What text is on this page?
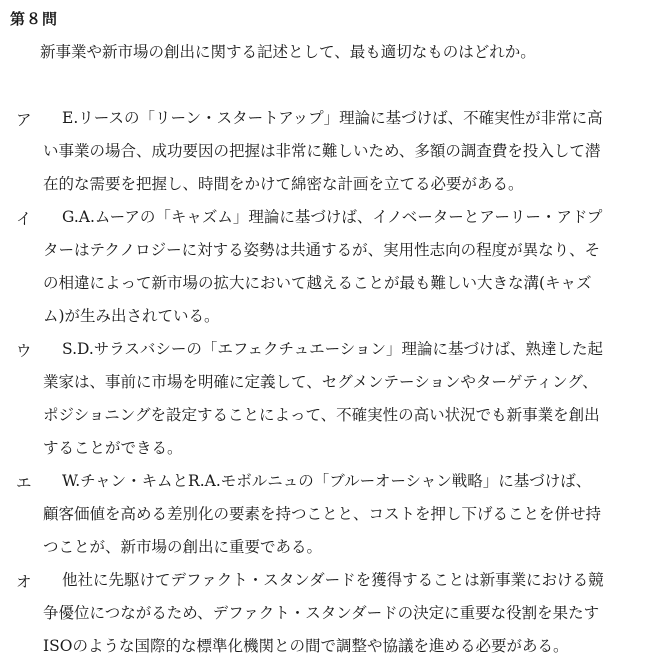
第８問
新事業や新市場の創出に関する記述として、最も適切なものはどれか。
ア E.リースの「リーン・スタートアップ」理論に基づけば、不確実性が非常に高
い事業の場合、成功要因の把握は非常に難しいため、多額の調査費を投入して潜
在的な需要を把握し、時間をかけて綿密な計画を立てる必要がある。
イ G.A.ムーアの「キャズム」理論に基づけば、イノベーターとアーリー・アドプ
ターはテクノロジーに対する姿勢は共通するが、実用性志向の程度が異なり、そ
の相違によって新市場の拡大において越えることが最も難しい大きな溝(キャズ
ム)が生み出されている。
ウ S.D.サラスバシーの「エフェクチュエーション」理論に基づけば、熟達した起
業家は、事前に市場を明確に定義して、セグメンテーションやターゲティング、
ポジショニングを設定することによって、不確実性の高い状況でも新事業を創出
することができる。
エ W.チャン・キムとR.A.モボルニュの「ブルーオーシャン戦略」に基づけば、
顧客価値を高める差別化の要素を持つことと、コストを押し下げることを併せ持
つことが、新市場の創出に重要である。
オ 他社に先駆けてデファクト・スタンダードを獲得することは新事業における競
争優位につながるため、デファクト・スタンダードの決定に重要な役割を果たす
ISOのような国際的な標準化機関との間で調整や協議を進める必要がある。
